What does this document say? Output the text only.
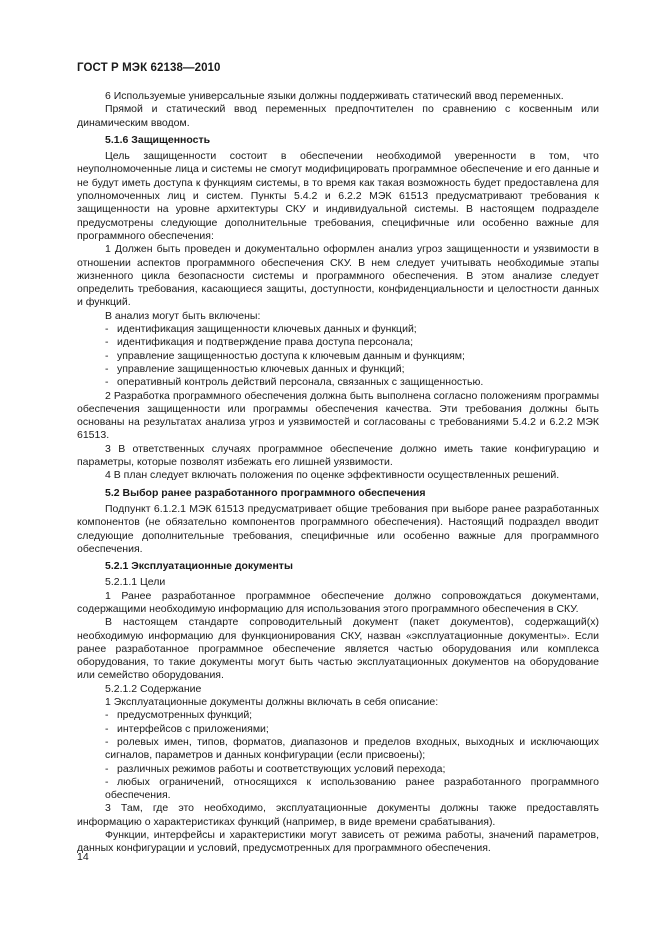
ГОСТ Р МЭК 62138—2010

6 Используемые универсальные языки должны поддерживать статический ввод переменных.

Прямой и статический ввод переменных предпочтителен по сравнению с косвенным или динамическим вводом.

5.1.6 Защищенность

Цель защищенности состоит в обеспечении необходимой уверенности в том, что неуполномоченные лица и системы не смогут модифицировать программное обеспечение и его данные и не будут иметь доступа к функциям системы, в то время как такая возможность будет предоставлена для уполномоченных лиц и систем. Пункты 5.4.2 и 6.2.2 МЭК 61513 предусматривают требования к защищенности на уровне архитектуры СКУ и индивидуальной системы. В настоящем подразделе предусмотрены следующие дополнительные требования, специфичные или особенно важные для программного обеспечения:

1 Должен быть проведен и документально оформлен анализ угроз защищенности и уязвимости в отношении аспектов программного обеспечения СКУ. В нем следует учитывать необходимые этапы жизненного цикла безопасности системы и программного обеспечения. В этом анализе следует определить требования, касающиеся защиты, доступности, конфиденциальности и целостности данных и функций.

В анализ могут быть включены:

- идентификация защищенности ключевых данных и функций;

- идентификация и подтверждение права доступа персонала;

- управление защищенностью доступа к ключевым данным и функциям;

- управление защищенностью ключевых данных и функций;

- оперативный контроль действий персонала, связанных с защищенностью.

2 Разработка программного обеспечения должна быть выполнена согласно положениям программы обеспечения защищенности или программы обеспечения качества. Эти требования должны быть основаны на результатах анализа угроз и уязвимостей и согласованы с требованиями 5.4.2 и 6.2.2 МЭК 61513.

3 В ответственных случаях программное обеспечение должно иметь такие конфигурацию и параметры, которые позволят избежать его лишней уязвимости.

4 В план следует включать положения по оценке эффективности осуществленных решений.

5.2 Выбор ранее разработанного программного обеспечения

Подпункт 6.1.2.1 МЭК 61513 предусматривает общие требования при выборе ранее разработанных компонентов (не обязательно компонентов программного обеспечения). Настоящий подраздел вводит следующие дополнительные требования, специфичные или особенно важные для программного обеспечения.

5.2.1 Эксплуатационные документы

5.2.1.1 Цели

1 Ранее разработанное программное обеспечение должно сопровождаться документами, содержащими необходимую информацию для использования этого программного обеспечения в СКУ.

В настоящем стандарте сопроводительный документ (пакет документов), содержащий(х) необходимую информацию для функционирования СКУ, назван «эксплуатационные документы». Если ранее разработанное программное обеспечение является частью оборудования или комплекса оборудования, то такие документы могут быть частью эксплуатационных документов на оборудование или семейство оборудования.

5.2.1.2 Содержание

1 Эксплуатационные документы должны включать в себя описание:

- предусмотренных функций;

- интерфейсов с приложениями;

- ролевых имен, типов, форматов, диапазонов и пределов входных, выходных и исключающих сигналов, параметров и данных конфигурации (если присвоены);

- различных режимов работы и соответствующих условий перехода;

- любых ограничений, относящихся к использованию ранее разработанного программного обеспечения.

3 Там, где это необходимо, эксплуатационные документы должны также предоставлять информацию о характеристиках функций (например, в виде времени срабатывания).

Функции, интерфейсы и характеристики могут зависеть от режима работы, значений параметров, данных конфигурации и условий, предусмотренных для программного обеспечения.

14
